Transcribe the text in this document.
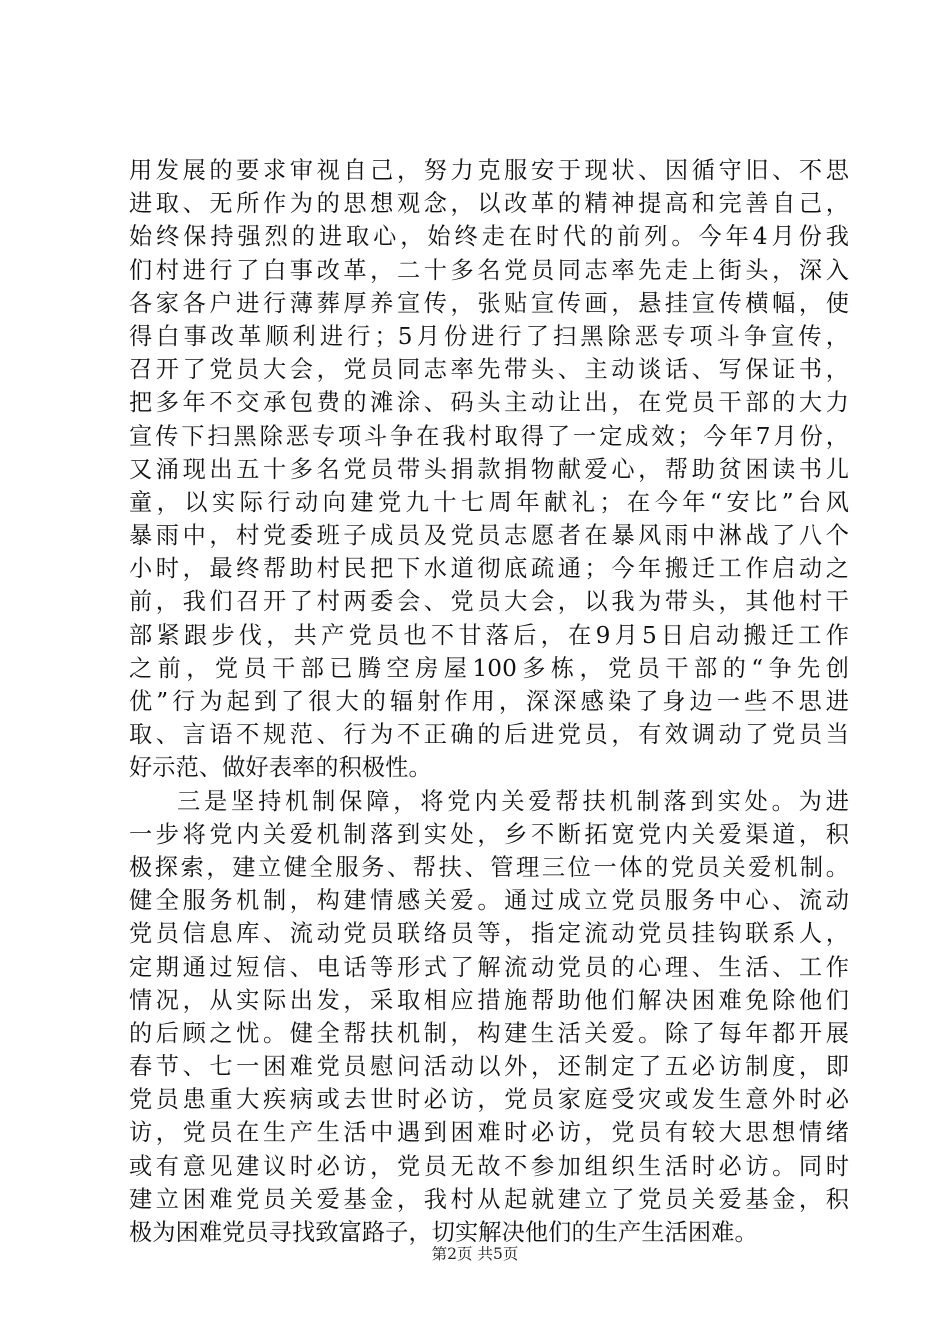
用发展的要求审视自己，努力克服安于现状、因循守旧、不思
进取、无所作为的思想观念，以改革的精神提高和完善自己，
始终保持强烈的进取心，始终走在时代的前列。今年4月份我
们村进行了白事改革，二十多名党员同志率先走上街头，深入
各家各户进行薄葬厚养宣传，张贴宣传画，悬挂宣传横幅，使
得白事改革顺利进行；5月份进行了扫黑除恶专项斗争宣传，
召开了党员大会，党员同志率先带头、主动谈话、写保证书，
把多年不交承包费的滩涂、码头主动让出，在党员干部的大力
宣传下扫黑除恶专项斗争在我村取得了一定成效；今年7月份，
又涌现出五十多名党员带头捐款捐物献爱心，帮助贫困读书儿
童，以实际行动向建党九十七周年献礼；在今年“安比”台风
暴雨中，村党委班子成员及党员志愿者在暴风雨中淋战了八个
小时，最终帮助村民把下水道彻底疏通；今年搬迁工作启动之
前，我们召开了村两委会、党员大会，以我为带头，其他村干
部紧跟步伐，共产党员也不甘落后，在9月5日启动搬迁工作
之前，党员干部已腾空房屋100多栋，党员干部的“争先创
优”行为起到了很大的辐射作用，深深感染了身边一些不思进
取、言语不规范、行为不正确的后进党员，有效调动了党员当
好示范、做好表率的积极性。
三是坚持机制保障，将党内关爱帮扶机制落到实处。为进
一步将党内关爱机制落到实处，乡不断拓宽党内关爱渠道，积
极探索，建立健全服务、帮扶、管理三位一体的党员关爱机制。
健全服务机制，构建情感关爱。通过成立党员服务中心、流动
党员信息库、流动党员联络员等，指定流动党员挂钩联系人，
定期通过短信、电话等形式了解流动党员的心理、生活、工作
情况，从实际出发，采取相应措施帮助他们解决困难免除他们
的后顾之忧。健全帮扶机制，构建生活关爱。除了每年都开展
春节、七一困难党员慰问活动以外，还制定了五必访制度，即
党员患重大疾病或去世时必访，党员家庭受灾或发生意外时必
访，党员在生产生活中遇到困难时必访，党员有较大思想情绪
或有意见建议时必访，党员无故不参加组织生活时必访。同时
建立困难党员关爱基金，我村从起就建立了党员关爱基金，积
极为困难党员寻找致富路子，切实解决他们的生产生活困难。
第2页 共5页
